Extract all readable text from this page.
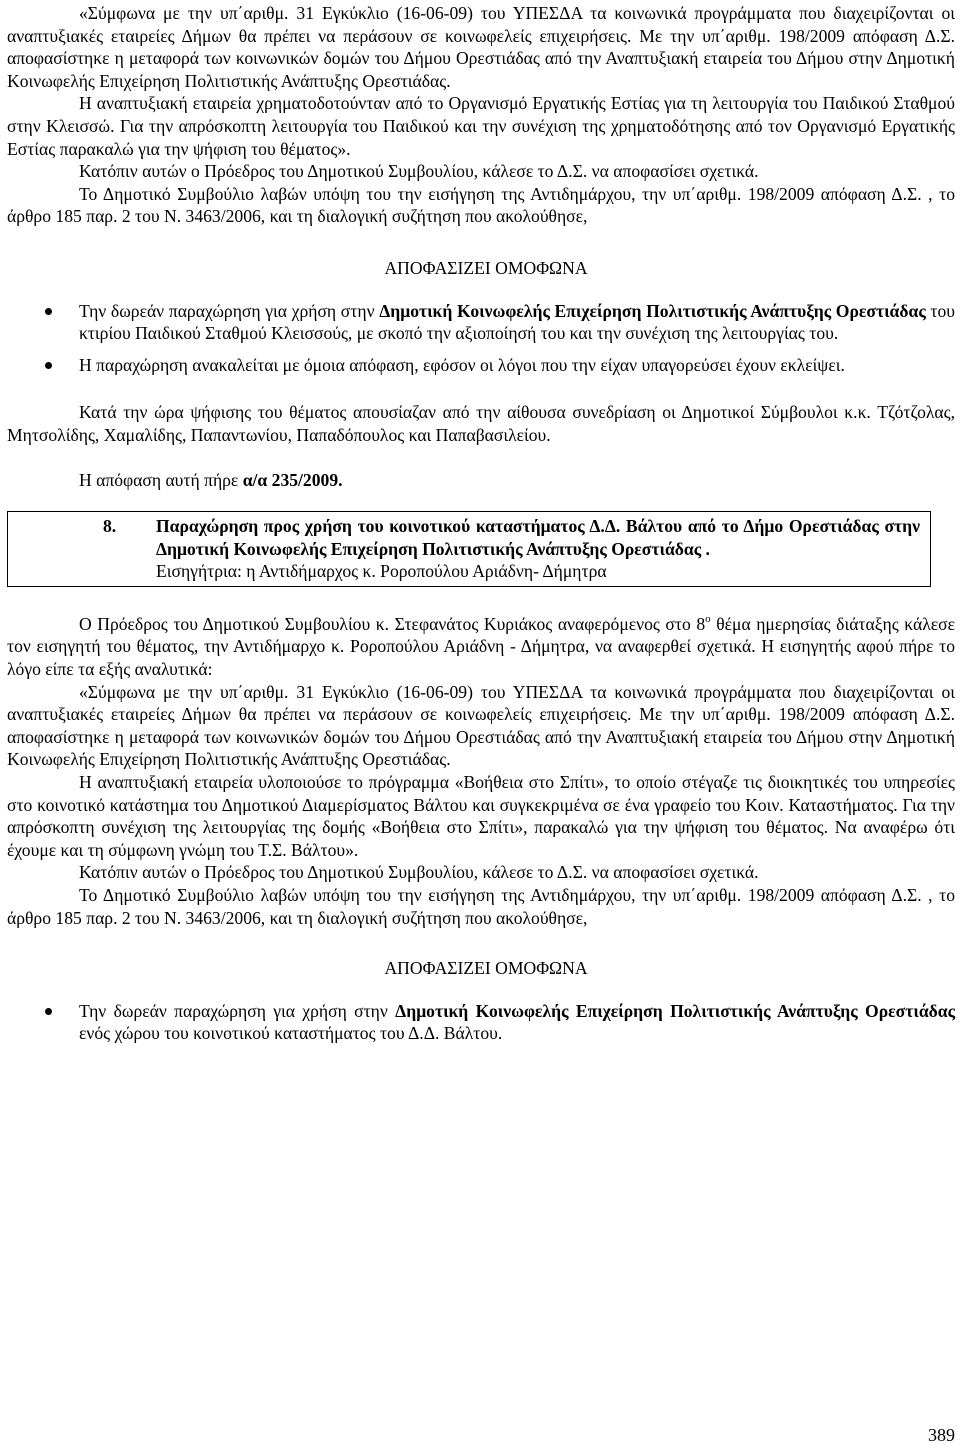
«Σύμφωνα με την υπ΄αριθμ. 31 Εγκύκλιο (16-06-09) του ΥΠΕΣΔΑ τα κοινωνικά προγράμματα που διαχειρίζονται οι αναπτυξιακές εταιρείες Δήμων θα πρέπει να περάσουν σε κοινωφελείς επιχειρήσεις. Με την υπ΄αριθμ. 198/2009 απόφαση Δ.Σ. αποφασίστηκε η μεταφορά των κοινωνικών δομών του Δήμου Ορεστιάδας από την Αναπτυξιακή εταιρεία του Δήμου στην Δημοτική Κοινωφελής Επιχείρηση Πολιτιστικής Ανάπτυξης Ορεστιάδας.

Η αναπτυξιακή εταιρεία χρηματοδοτούνταν από το Οργανισμό Εργατικής Εστίας για τη λειτουργία του Παιδικού Σταθμού στην Κλεισσώ. Για την απρόσκοπτη λειτουργία του Παιδικού και την συνέχιση της χρηματοδότησης από τον Οργανισμό Εργατικής Εστίας παρακαλώ για την ψήφιση του θέματος».

Κατόπιν αυτών ο Πρόεδρος του Δημοτικού Συμβουλίου, κάλεσε το Δ.Σ. να αποφασίσει σχετικά.

Το Δημοτικό Συμβούλιο λαβών υπόψη του την εισήγηση της Αντιδημάρχου, την υπ΄αριθμ. 198/2009 απόφαση Δ.Σ. , το άρθρο 185 παρ. 2 του Ν. 3463/2006, και τη διαλογική συζήτηση που ακολούθησε,

ΑΠΟΦΑΣΙΖΕΙ ΟΜΟΦΩΝΑ

Την δωρεάν παραχώρηση για χρήση στην Δημοτική Κοινωφελής Επιχείρηση Πολιτιστικής Ανάπτυξης Ορεστιάδας του κτιρίου Παιδικού Σταθμού Κλεισσούς, με σκοπό την αξιοποίησή του και την συνέχιση της λειτουργίας του.
Η παραχώρηση ανακαλείται με όμοια απόφαση, εφόσον οι λόγοι που την είχαν υπαγορεύσει έχουν εκλείψει.

Κατά την ώρα ψήφισης του θέματος απουσίαζαν από την αίθουσα συνεδρίαση οι Δημοτικοί Σύμβουλοι κ.κ. Τζότζολας, Μητσολίδης, Χαμαλίδης, Παπαντωνίου, Παπαδόπουλος και Παπαβασιλείου.

Η απόφαση αυτή πήρε α/α 235/2009.

8.	Παραχώρηση προς χρήση του κοινοτικού καταστήματος Δ.Δ. Βάλτου από το Δήμο Ορεστιάδας στην Δημοτική Κοινωφελής Επιχείρηση Πολιτιστικής Ανάπτυξης Ορεστιάδας .
Εισηγήτρια: η Αντιδήμαρχος κ. Ροροπούλου Αριάδνη- Δήμητρα

Ο Πρόεδρος του Δημοτικού Συμβουλίου κ. Στεφανάτος Κυριάκος αναφερόμενος στο $8^o$ θέμα ημερησίας διάταξης κάλεσε τον εισηγητή του θέματος, την Αντιδήμαρχο κ. Ροροπούλου Αριάδνη - Δήμητρα, να αναφερθεί σχετικά. Η εισηγητής αφού πήρε το λόγο είπε τα εξής αναλυτικά:

«Σύμφωνα με την υπ΄αριθμ. 31 Εγκύκλιο (16-06-09) του ΥΠΕΣΔΑ τα κοινωνικά προγράμματα που διαχειρίζονται οι αναπτυξιακές εταιρείες Δήμων θα πρέπει να περάσουν σε κοινωφελείς επιχειρήσεις. Με την υπ΄αριθμ. 198/2009 απόφαση Δ.Σ. αποφασίστηκε η μεταφορά των κοινωνικών δομών του Δήμου Ορεστιάδας από την Αναπτυξιακή εταιρεία του Δήμου στην Δημοτική Κοινωφελής Επιχείρηση Πολιτιστικής Ανάπτυξης Ορεστιάδας.

Η αναπτυξιακή εταιρεία υλοποιούσε το πρόγραμμα «Βοήθεια στο Σπίτι», το οποίο στέγαζε τις διοικητικές του υπηρεσίες στο κοινοτικό κατάστημα του Δημοτικού Διαμερίσματος Βάλτου και συγκεκριμένα σε ένα γραφείο του Κοιν. Καταστήματος. Για την απρόσκοπτη συνέχιση της λειτουργίας της δομής «Βοήθεια στο Σπίτι», παρακαλώ για την ψήφιση του θέματος. Να αναφέρω ότι έχουμε και τη σύμφωνη γνώμη του Τ.Σ. Βάλτου».

Κατόπιν αυτών ο Πρόεδρος του Δημοτικού Συμβουλίου, κάλεσε το Δ.Σ. να αποφασίσει σχετικά.

Το Δημοτικό Συμβούλιο λαβών υπόψη του την εισήγηση της Αντιδημάρχου, την υπ΄αριθμ. 198/2009 απόφαση Δ.Σ. , το άρθρο 185 παρ. 2 του Ν. 3463/2006, και τη διαλογική συζήτηση που ακολούθησε,

ΑΠΟΦΑΣΙΖΕΙ ΟΜΟΦΩΝΑ

Την δωρεάν παραχώρηση για χρήση στην Δημοτική Κοινωφελής Επιχείρηση Πολιτιστικής Ανάπτυξης Ορεστιάδας ενός χώρου του κοινοτικού καταστήματος του Δ.Δ. Βάλτου.
389
